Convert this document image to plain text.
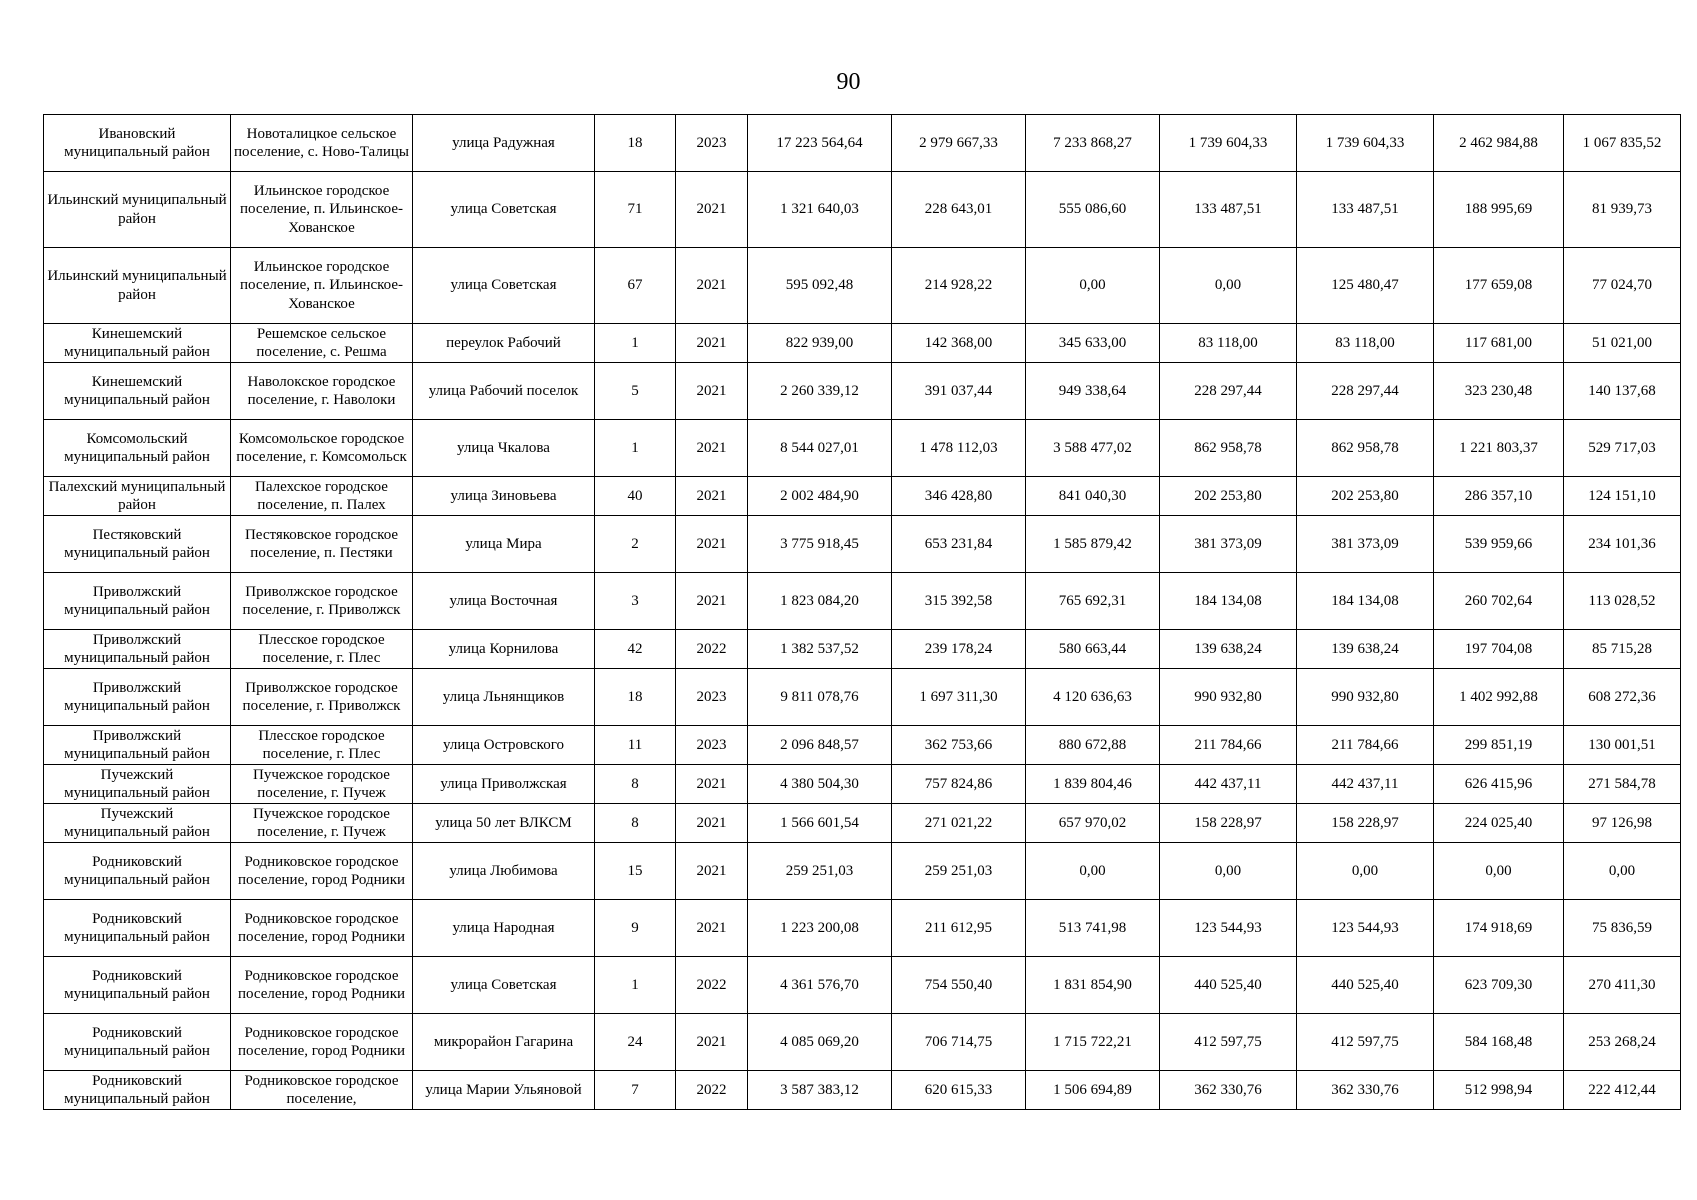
90
Ивановский муниципальный район	Новоталицкое сельское поселение, с. Ново-Талицы	улица Радужная	18	2023	17 223 564,64	2 979 667,33	7 233 868,27	1 739 604,33	1 739 604,33	2 462 984,88	1 067 835,52
Ильинский муниципальный район	Ильинское городское поселение, п. Ильинское-Хованское	улица Советская	71	2021	1 321 640,03	228 643,01	555 086,60	133 487,51	133 487,51	188 995,69	81 939,73
Ильинский муниципальный район	Ильинское городское поселение, п. Ильинское-Хованское	улица Советская	67	2021	595 092,48	214 928,22	0,00	0,00	125 480,47	177 659,08	77 024,70
Кинешемский муниципальный район	Решемское сельское поселение, с. Решма	переулок Рабочий	1	2021	822 939,00	142 368,00	345 633,00	83 118,00	83 118,00	117 681,00	51 021,00
Кинешемский муниципальный район	Наволокское городское поселение, г. Наволоки	улица Рабочий поселок	5	2021	2 260 339,12	391 037,44	949 338,64	228 297,44	228 297,44	323 230,48	140 137,68
Комсомольский муниципальный район	Комсомольское городское поселение, г. Комсомольск	улица Чкалова	1	2021	8 544 027,01	1 478 112,03	3 588 477,02	862 958,78	862 958,78	1 221 803,37	529 717,03
Палехский муниципальный район	Палехское городское поселение, п. Палех	улица Зиновьева	40	2021	2 002 484,90	346 428,80	841 040,30	202 253,80	202 253,80	286 357,10	124 151,10
Пестяковский муниципальный район	Пестяковское городское поселение, п. Пестяки	улица Мира	2	2021	3 775 918,45	653 231,84	1 585 879,42	381 373,09	381 373,09	539 959,66	234 101,36
Приволжский муниципальный район	Приволжское городское поселение, г. Приволжск	улица Восточная	3	2021	1 823 084,20	315 392,58	765 692,31	184 134,08	184 134,08	260 702,64	113 028,52
Приволжский муниципальный район	Плесское городское поселение, г. Плес	улица Корнилова	42	2022	1 382 537,52	239 178,24	580 663,44	139 638,24	139 638,24	197 704,08	85 715,28
Приволжский муниципальный район	Приволжское городское поселение, г. Приволжск	улица Льнянщиков	18	2023	9 811 078,76	1 697 311,30	4 120 636,63	990 932,80	990 932,80	1 402 992,88	608 272,36
Приволжский муниципальный район	Плесское городское поселение, г. Плес	улица Островского	11	2023	2 096 848,57	362 753,66	880 672,88	211 784,66	211 784,66	299 851,19	130 001,51
Пучежский муниципальный район	Пучежское городское поселение, г. Пучеж	улица Приволжская	8	2021	4 380 504,30	757 824,86	1 839 804,46	442 437,11	442 437,11	626 415,96	271 584,78
Пучежский муниципальный район	Пучежское городское поселение, г. Пучеж	улица 50 лет ВЛКСМ	8	2021	1 566 601,54	271 021,22	657 970,02	158 228,97	158 228,97	224 025,40	97 126,98
Родниковский муниципальный район	Родниковское городское поселение, город Родники	улица Любимова	15	2021	259 251,03	259 251,03	0,00	0,00	0,00	0,00	0,00
Родниковский муниципальный район	Родниковское городское поселение, город Родники	улица Народная	9	2021	1 223 200,08	211 612,95	513 741,98	123 544,93	123 544,93	174 918,69	75 836,59
Родниковский муниципальный район	Родниковское городское поселение, город Родники	улица Советская	1	2022	4 361 576,70	754 550,40	1 831 854,90	440 525,40	440 525,40	623 709,30	270 411,30
Родниковский муниципальный район	Родниковское городское поселение, город Родники	микрорайон Гагарина	24	2021	4 085 069,20	706 714,75	1 715 722,21	412 597,75	412 597,75	584 168,48	253 268,24
Родниковский муниципальный район	Родниковское городское поселение,	улица Марии Ульяновой	7	2022	3 587 383,12	620 615,33	1 506 694,89	362 330,76	362 330,76	512 998,94	222 412,44
